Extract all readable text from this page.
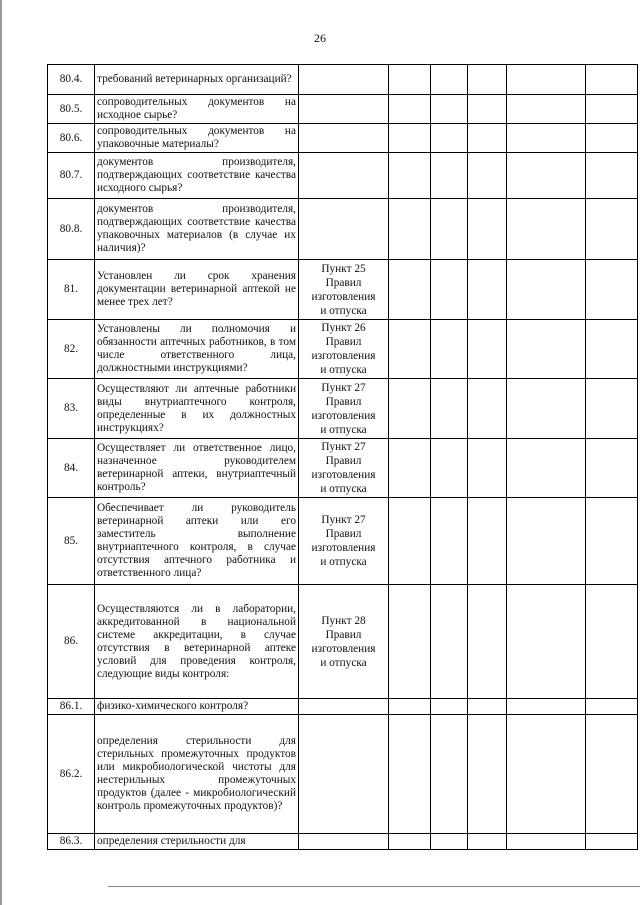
26
80.4.	требований ветеринарных организаций?						
80.5.	сопроводительных документов на исходное сырье?						
80.6.	сопроводительных документов на упаковочные материалы?						
80.7.	документов производителя, подтверждающих соответствие качества исходного сырья?						
80.8.	документов производителя, подтверждающих соответствие качества упаковочных материалов (в случае их наличия)?						
81.	Установлен ли срок хранения документации ветеринарной аптекой не менее трех лет?	Пункт 25
Правил
изготовления
и отпуска					

82.	Установлены ли полномочия и обязанности аптечных работников, в том числе ответственного лица, должностными инструкциями?	Пункт 26
Правил
изготовления
и отпуска					

83.	Осуществляют ли аптечные работники виды внутриаптечного контроля, определенные в их должностных инструкциях?	Пункт 27
Правил
изготовления
и отпуска					

84.	Осуществляет ли ответственное лицо, назначенное руководителем ветеринарной аптеки, внутриаптечный контроль?	Пункт 27
Правил
изготовления
и отпуска					

85.	Обеспечивает ли руководитель ветеринарной аптеки или его заместитель выполнение внутриаптечного контроля, в случае отсутствия аптечного работника и ответственного лица?	Пункт 27
Правил
изготовления
и отпуска					

86.	Осуществляются ли в лаборатории, аккредитованной в национальной системе аккредитации, в случае отсутствия в ветеринарной аптеке условий для проведения контроля, следующие виды контроля:	Пункт 28
Правил
изготовления
и отпуска					

86.1.	физико-химического контроля?						
86.2.	определения стерильности для стерильных промежуточных продуктов или микробиологической чистоты для нестерильных промежуточных продуктов (далее - микробиологический контроль промежуточных продуктов)?						
86.3.	определения стерильности для						
